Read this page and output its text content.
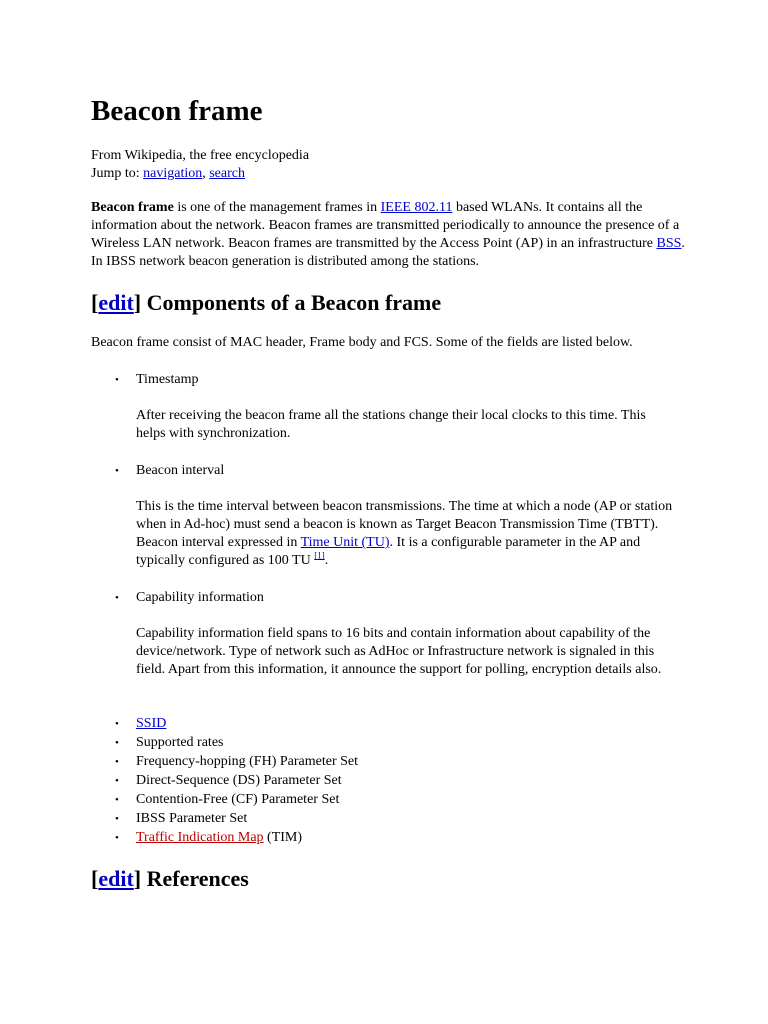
Beacon frame
From Wikipedia, the free encyclopedia
Jump to: navigation, search

Beacon frame is one of the management frames in IEEE 802.11 based WLANs. It contains all the information about the network. Beacon frames are transmitted periodically to announce the presence of a Wireless LAN network. Beacon frames are transmitted by the Access Point (AP) in an infrastructure BSS. In IBSS network beacon generation is distributed among the stations.

[edit] Components of a Beacon frame

Beacon frame consist of MAC header, Frame body and FCS. Some of the fields are listed below.

• Timestamp

After receiving the beacon frame all the stations change their local clocks to this time. This helps with synchronization.

• Beacon interval

This is the time interval between beacon transmissions. The time at which a node (AP or station when in Ad-hoc) must send a beacon is known as Target Beacon Transmission Time (TBTT). Beacon interval expressed in Time Unit (TU). It is a configurable parameter in the AP and typically configured as 100 TU [1].

• Capability information

Capability information field spans to 16 bits and contain information about capability of the device/network. Type of network such as AdHoc or Infrastructure network is signaled in this field. Apart from this information, it announce the support for polling, encryption details also.

• SSID
• Supported rates
• Frequency-hopping (FH) Parameter Set
• Direct-Sequence (DS) Parameter Set
• Contention-Free (CF) Parameter Set
• IBSS Parameter Set
• Traffic Indication Map (TIM)
[edit] References
